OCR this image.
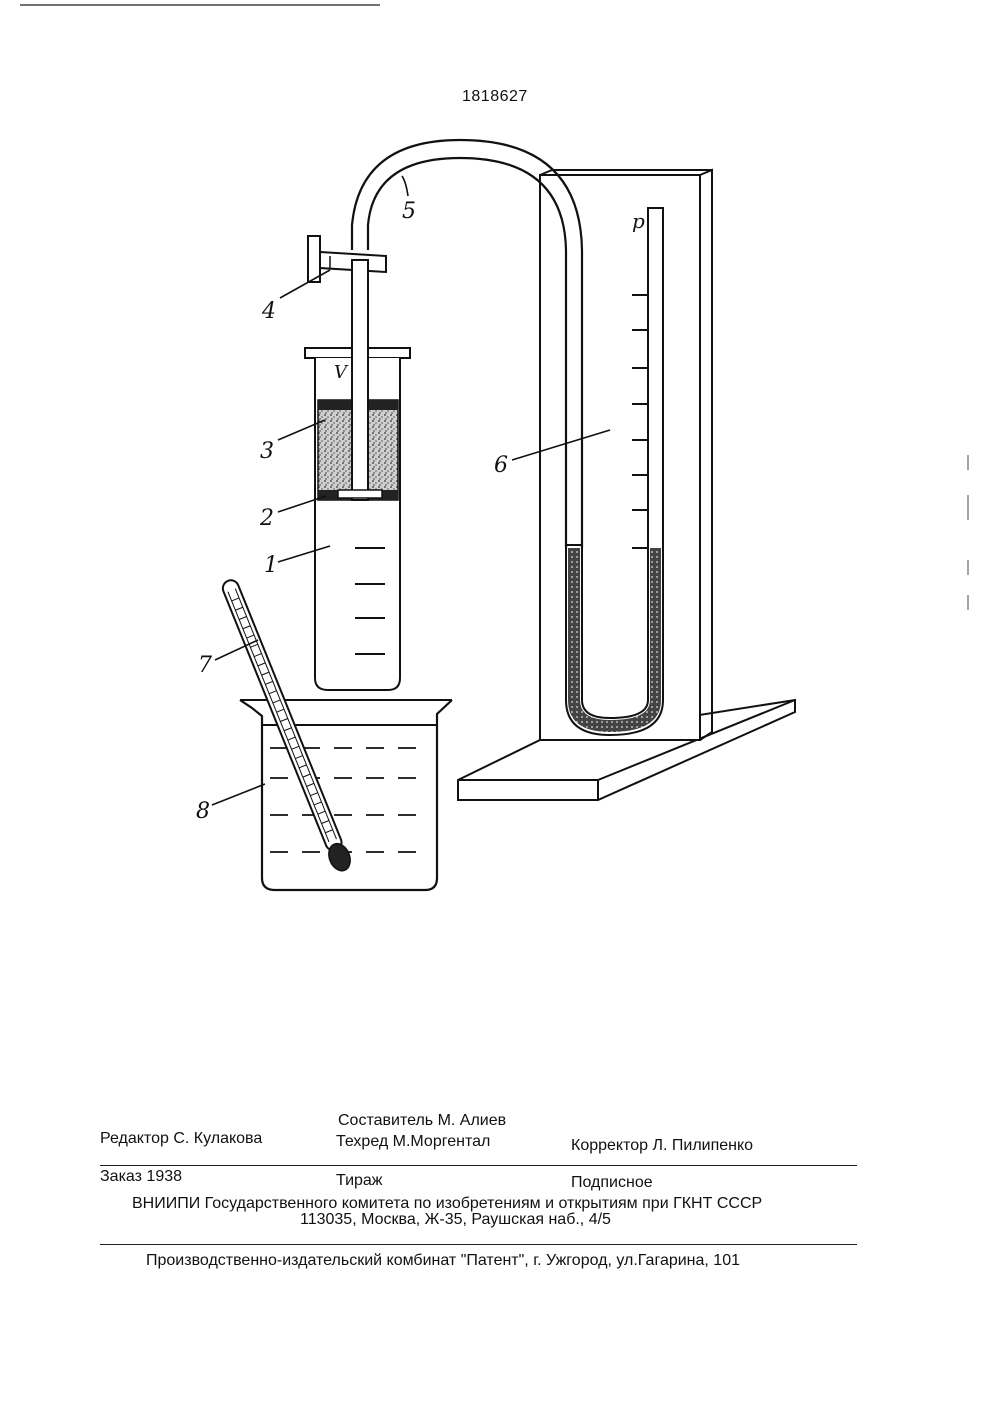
1818627
5
4
3
2
1
7
6
8
p
V
Составитель М. Алиев
Редактор С. Кулакова	Техред М.Моргентал	Корректор Л. Пилипенко
Заказ 1938	Тираж	Подписное
ВНИИПИ Государственного комитета по изобретениям и открытиям при ГКНТ СССР
113035, Москва, Ж-35, Раушская наб., 4/5
Производственно-издательский комбинат "Патент", г. Ужгород, ул.Гагарина, 101
